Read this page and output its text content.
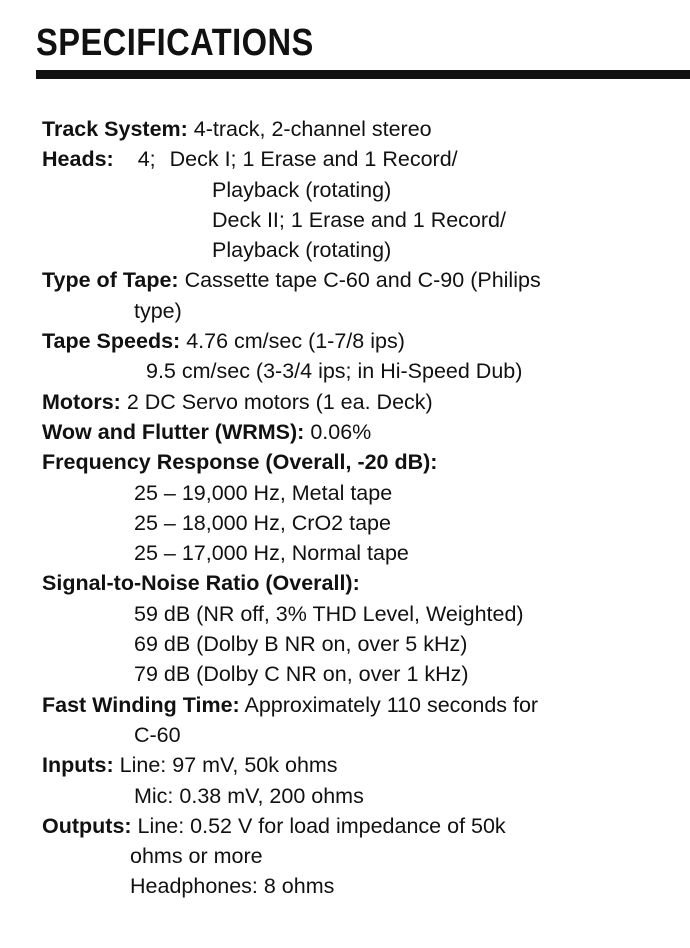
SPECIFICATIONS
Track System: 4-track, 2-channel stereo
Heads: 4; Deck I; 1 Erase and 1 Record/
Playback (rotating)
Deck II; 1 Erase and 1 Record/
Playback (rotating)
Type of Tape: Cassette tape C-60 and C-90 (Philips
type)
Tape Speeds: 4.76 cm/sec (1-7/8 ips)
9.5 cm/sec (3-3/4 ips; in Hi-Speed Dub)
Motors: 2 DC Servo motors (1 ea. Deck)
Wow and Flutter (WRMS): 0.06%
Frequency Response (Overall, -20 dB):
25 – 19,000 Hz, Metal tape
25 – 18,000 Hz, CrO2 tape
25 – 17,000 Hz, Normal tape
Signal-to-Noise Ratio (Overall):
59 dB (NR off, 3% THD Level, Weighted)
69 dB (Dolby B NR on, over 5 kHz)
79 dB (Dolby C NR on, over 1 kHz)
Fast Winding Time: Approximately 110 seconds for
C-60
Inputs: Line: 97 mV, 50k ohms
Mic: 0.38 mV, 200 ohms
Outputs: Line: 0.52 V for load impedance of 50k
ohms or more
Headphones: 8 ohms
